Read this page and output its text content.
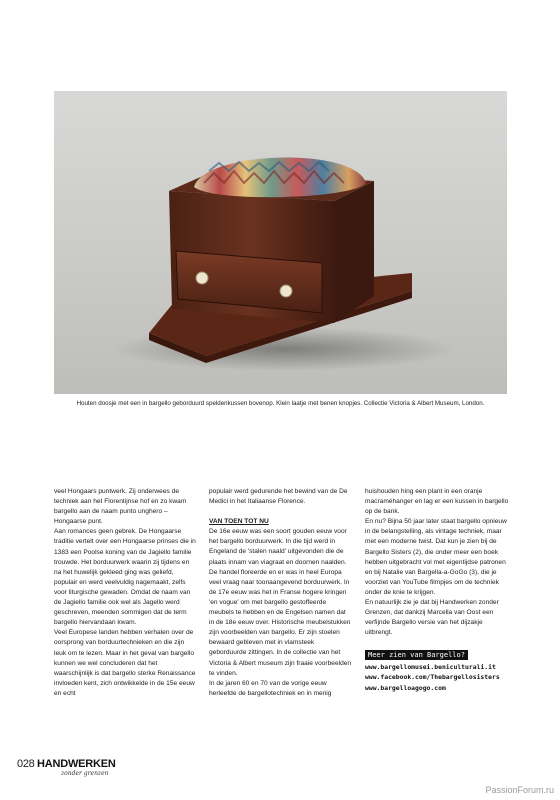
Houten doosje met een in bargello geborduurd speldenkussen bovenop. Klein laatje met benen knopjes. Collectie Victoria & Albert Museum, London.

veel Hongaars puntwerk. Zij onderwees de techniek aan het Florentijnse hof en zo kwam bargello aan de naam punto unghero – Hongaarse punt.

Aan romances geen gebrek. De Hongaarse traditie vertelt over een Hongaarse prinses die in 1383 een Poolse koning van de Jagiello familie trouwde. Het borduurwerk waarin zij tijdens en na het huwelijk gekleed ging was geliefd, populair en werd veelvuldig nagemaakt, zelfs voor liturgische gewaden. Omdat de naam van de Jagiello familie ook wel als Jagello werd geschreven, meenden sommigen dat de term bargello hiervandaan kwam.

Veel Europese landen hebben verhalen over de oorsprong van borduurtechnieken en die zijn leuk om te lezen. Maar in het geval van bargello kunnen we wel concluderen dat het waarschijnlijk is dat bargello sterke Renaissance invloeden kent, zich ontwikkelde in de 15e eeuw en echt

populair werd gedurende het bewind van de De Medici in het Italiaanse Florence.

VAN TOEN TOT NU

De 16e eeuw was een soort gouden eeuw voor het bargello borduurwerk. In die tijd werd in Engeland de 'stalen naald' uitgevonden die de plaats innam van viagraat en doornen naalden. De handel floreerde en er was in heel Europa veel vraag naar toonaangevend borduurwerk. In de 17e eeuw was het in Franse hogere kringen 'en vogue' om met bargello gestoffeerde meubels te hebben en de Engelsen namen dat in de 18e eeuw over. Historische meubelstukken zijn voorbeelden van bargello. Er zijn stoelen bewaard gebleven met in vlamsteek geborduurde zittingen. In de collectie van het Victoria & Albert museum zijn fraaie voorbeelden te vinden.

In de jaren 60 en 70 van de vorige eeuw herleefde de bargellotechniek en in menig

huishouden hing een plant in een oranje macraméhanger en lag er een kussen in bargello op de bank.

En nu? Bijna 50 jaar later staat bargello opnieuw in de belangstelling, als vintage techniek, maar met een moderne twist. Dat kun je zien bij de Bargello Sisters (2), die onder meer een boek hebben uitgebracht vol met eigentijdse patronen en bij Natalie van Bargella-a-GoGo (3), die je voorziet van YouTube filmpjes om de techniek onder de knie te krijgen.

En natuurlijk zie je dat bij Handwerken zonder Grenzen, dat dankzij Marcella van Oost een verfijnde Bargello versie van het dijzakje uitbrengt.

Meer zien van Bargello?
www.bargellomusei.beniculturali.it
www.facebook.com/Thebargellosisters
www.bargelloagogo.com
028 HANDWERKEN
zonder grenzen
PassionForum.ru
